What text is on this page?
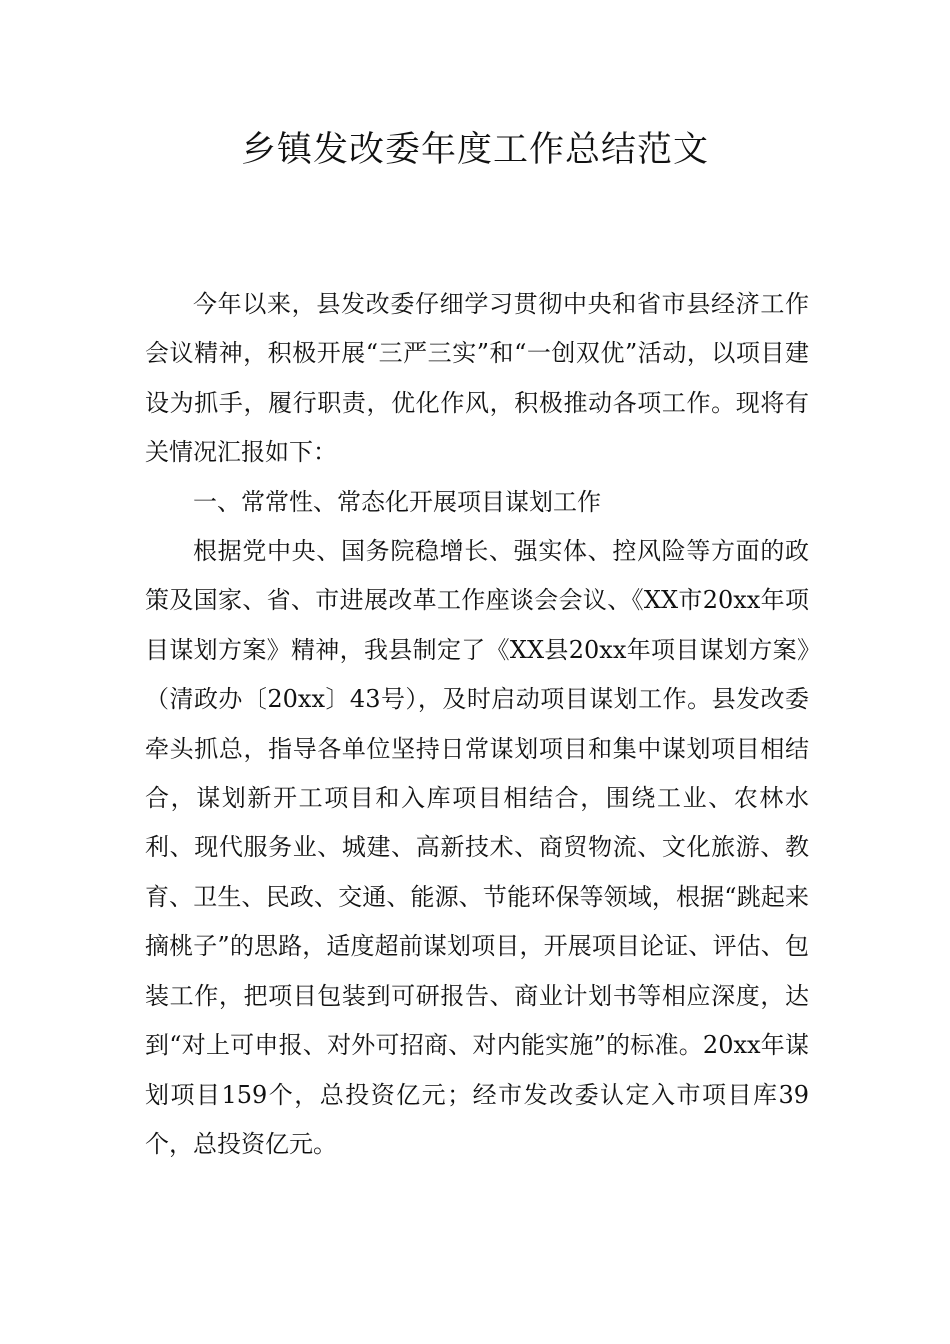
乡镇发改委年度工作总结范文

今年以来，县发改委仔细学习贯彻中央和省市县经济工作会议精神，积极开展“三严三实”和“一创双优”活动，以项目建设为抓手，履行职责，优化作风，积极推动各项工作。现将有关情况汇报如下：

一、常常性、常态化开展项目谋划工作

根据党中央、国务院稳增长、强实体、控风险等方面的政策及国家、省、市进展改革工作座谈会会议、《XX市20xx年项目谋划方案》精神，我县制定了《XX县20xx年项目谋划方案》（清政办〔20xx〕43号），及时启动项目谋划工作。县发改委牵头抓总，指导各单位坚持日常谋划项目和集中谋划项目相结合，谋划新开工项目和入库项目相结合，围绕工业、农林水利、现代服务业、城建、高新技术、商贸物流、文化旅游、教育、卫生、民政、交通、能源、节能环保等领域，根据“跳起来摘桃子”的思路，适度超前谋划项目，开展项目论证、评估、包装工作，把项目包装到可研报告、商业计划书等相应深度，达到“对上可申报、对外可招商、对内能实施”的标准。20xx年谋划项目159个，总投资亿元；经市发改委认定入市项目库39个，总投资亿元。
